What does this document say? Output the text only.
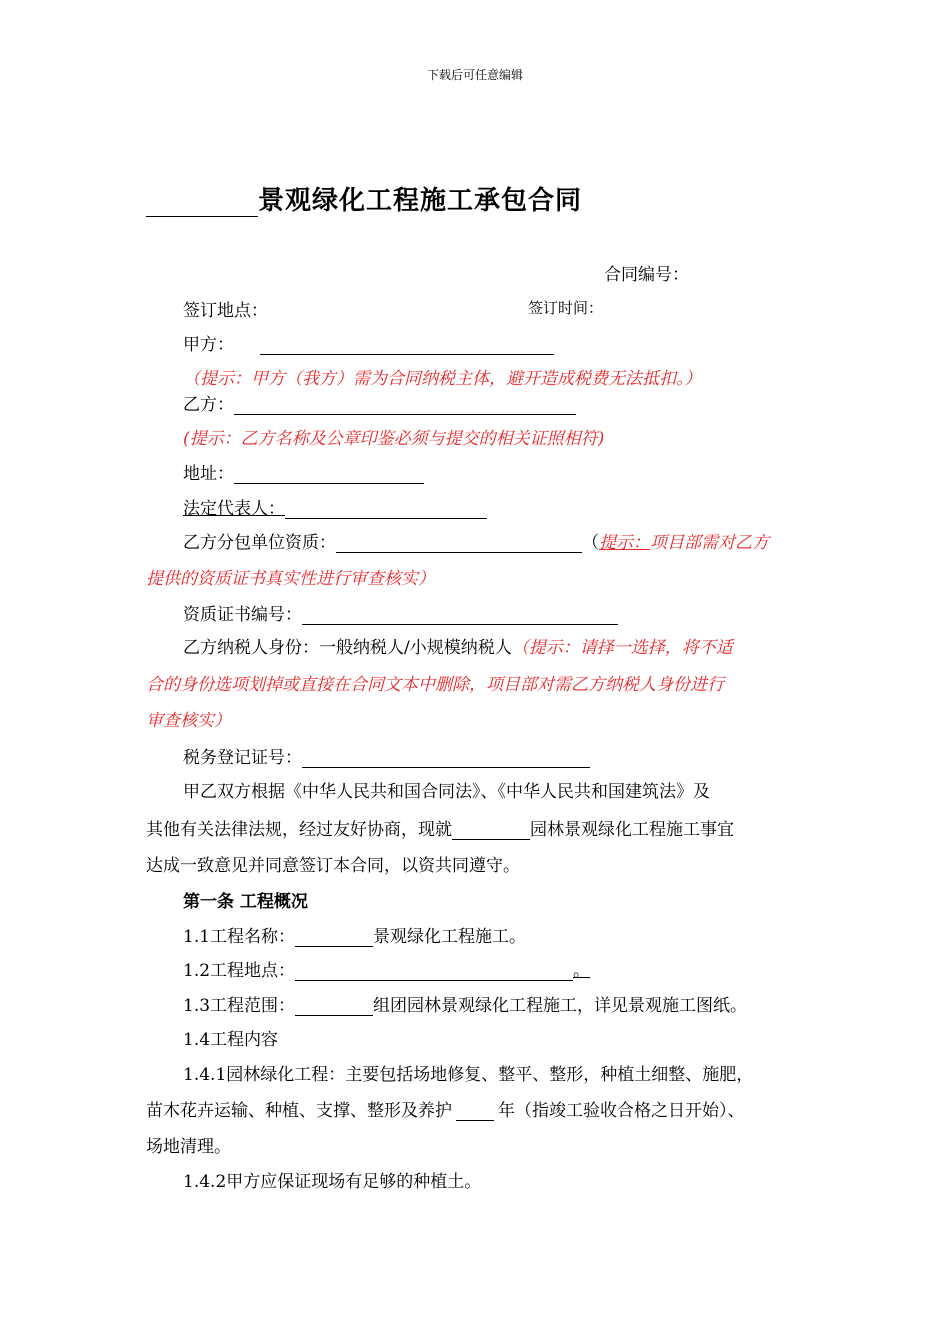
下载后可任意编辑
景观绿化工程施工承包合同
合同编号：
签订地点：	签订时间：
甲方：
（提示：甲方（我方）需为合同纳税主体，避开造成税费无法抵扣。）
乙方：
(提示：乙方名称及公章印鉴必须与提交的相关证照相符)
地址：
法定代表人：
乙方分包单位资质：	（提示：项目部需对乙方
提供的资质证书真实性进行审查核实）
资质证书编号：
乙方纳税人身份：一般纳税人/小规模纳税人（提示：请择一选择，将不适
合的身份选项划掉或直接在合同文本中删除，项目部对需乙方纳税人身份进行
审查核实）
税务登记证号：
甲乙双方根据《中华人民共和国合同法》、《中华人民共和国建筑法》及
其他有关法律法规，经过友好协商，现就	园林景观绿化工程施工事宜
达成一致意见并同意签订本合同，以资共同遵守。
第一条 工程概况
1.1工程名称：	景观绿化工程施工。
1.2工程地点：	。
1.3工程范围：	组团园林景观绿化工程施工，详见景观施工图纸。
1.4工程内容
1.4.1园林绿化工程：主要包括场地修复、整平、整形，种植土细整、施肥，
苗木花卉运输、种植、支撑、整形及养护	年（指竣工验收合格之日开始）、
场地清理。
1.4.2甲方应保证现场有足够的种植土。
